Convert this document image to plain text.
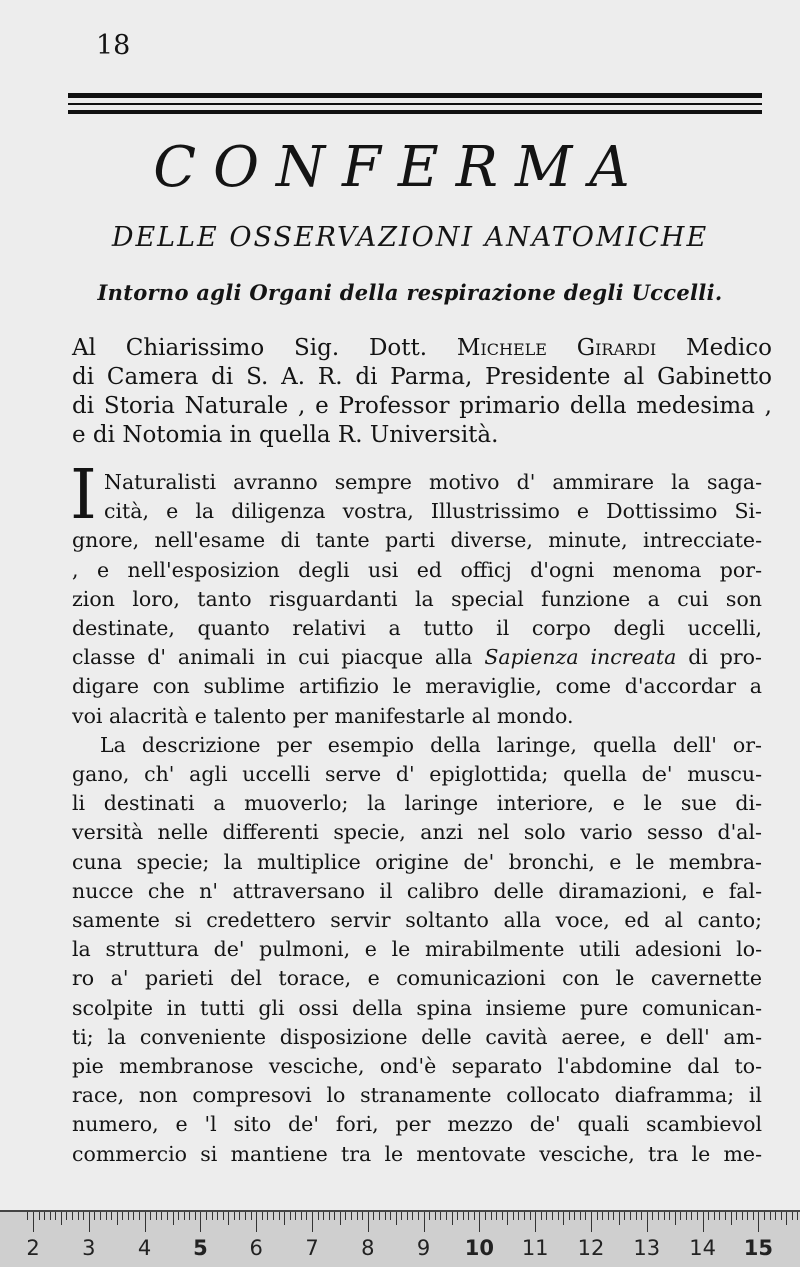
18
CONFERMA
DELLE OSSERVAZIONI ANATOMICHE
Intorno agli Organi della respirazione degli Uccelli.
Al Chiarissimo Sig. Dott. Michele Girardi Medico
di Camera di S. A. R. di Parma, Presidente al Gabinetto
di Storia Naturale , e Professor primario della medesima ,
e di Notomia in quella R. Università.
I Naturalisti avranno sempre motivo d' ammirare la saga-
cità, e la diligenza vostra, Illustrissimo e Dottissimo Si-
gnore, nell'esame di tante parti diverse, minute, intrecciate-
, e nell'esposizion degli usi ed officj d'ogni menoma por-
zion loro, tanto risguardanti la special funzione a cui son
destinate, quanto relativi a tutto il corpo degli uccelli,
classe d' animali in cui piacque alla Sapienza increata di pro-
digare con sublime artifizio le meraviglie, come d'accordar a
voi alacrità e talento per manifestarle al mondo.
La descrizione per esempio della laringe, quella dell' or-
gano, ch' agli uccelli serve d' epiglottida; quella de' muscu-
li destinati a muoverlo; la laringe interiore, e le sue di-
versità nelle differenti specie, anzi nel solo vario sesso d'al-
cuna specie; la multiplice origine de' bronchi, e le membra-
nucce che n' attraversano il calibro delle diramazioni, e fal-
samente si credettero servir soltanto alla voce, ed al canto;
la struttura de' pulmoni, e le mirabilmente utili adesioni lo-
ro a' parieti del torace, e comunicazioni con le cavernette
scolpite in tutti gli ossi della spina insieme pure comunican-
ti; la conveniente disposizione delle cavità aeree, e dell' am-
pie membranose vesciche, ond'è separato l'abdomine dal to-
race, non compresovi lo stranamente collocato diaframma; il
numero, e 'l sito de' fori, per mezzo de' quali scambievol
commercio si mantiene tra le mentovate vesciche, tra le me-
2 3 4 5 6 7 8 9 10 11 12 13 14 15
